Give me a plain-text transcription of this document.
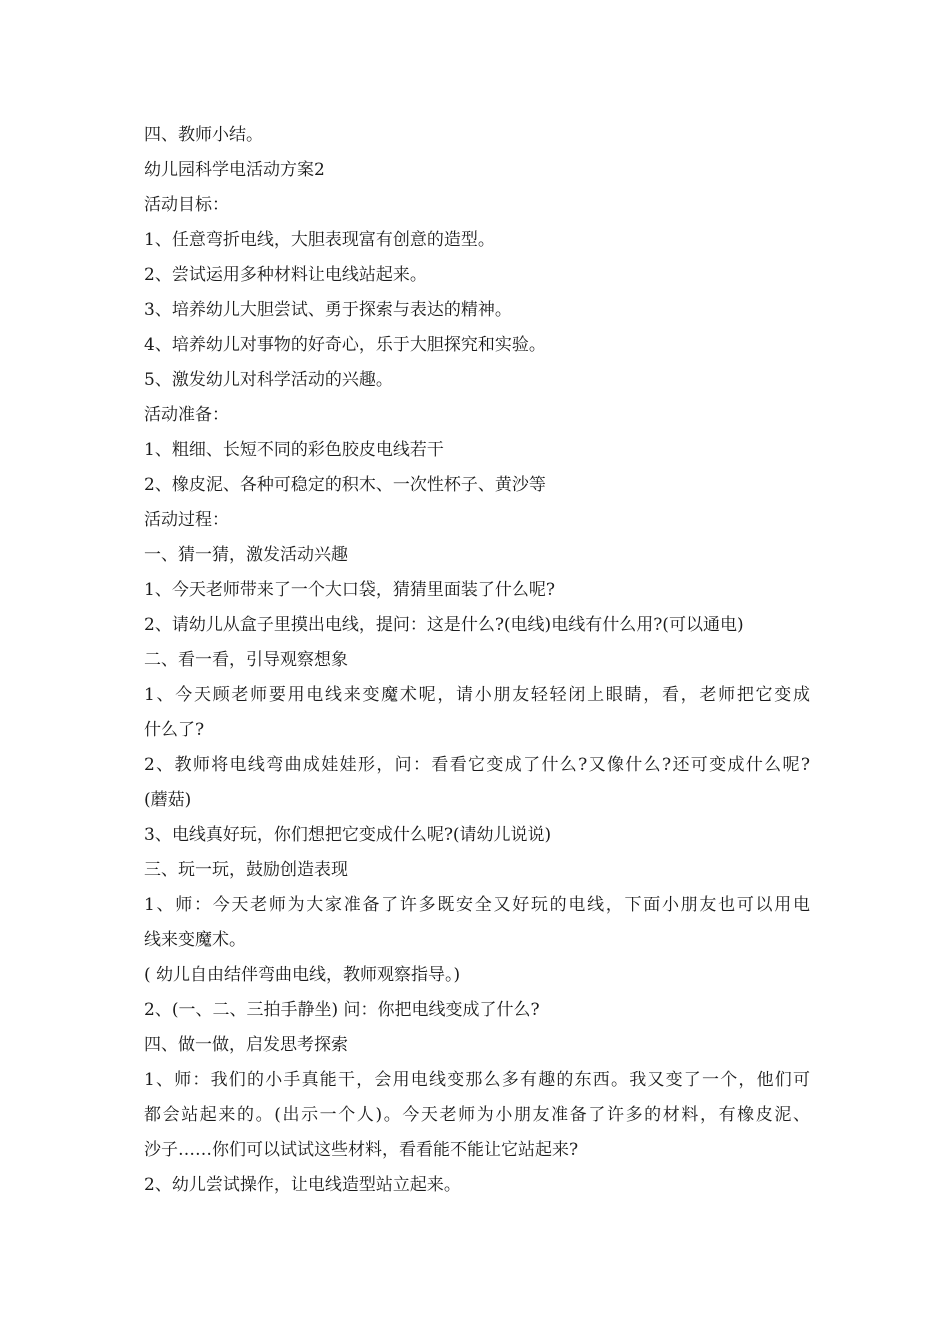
四、教师小结。
幼儿园科学电活动方案2
活动目标：
1、任意弯折电线，大胆表现富有创意的造型。
2、尝试运用多种材料让电线站起来。
3、培养幼儿大胆尝试、勇于探索与表达的精神。
4、培养幼儿对事物的好奇心，乐于大胆探究和实验。
5、激发幼儿对科学活动的兴趣。
活动准备：
1、粗细、长短不同的彩色胶皮电线若干
2、橡皮泥、各种可稳定的积木、一次性杯子、黄沙等
活动过程：
一、猜一猜，激发活动兴趣
1、今天老师带来了一个大口袋，猜猜里面装了什么呢?
2、请幼儿从盒子里摸出电线，提问：这是什么?(电线)电线有什么用?(可以通电)
二、看一看，引导观察想象
1、今天顾老师要用电线来变魔术呢，请小朋友轻轻闭上眼睛，看，老师把它变成
什么了?
2、教师将电线弯曲成娃娃形，问：看看它变成了什么?又像什么?还可变成什么呢?
(蘑菇)
3、电线真好玩，你们想把它变成什么呢?(请幼儿说说)
三、玩一玩，鼓励创造表现
1、师：今天老师为大家准备了许多既安全又好玩的电线，下面小朋友也可以用电
线来变魔术。
( 幼儿自由结伴弯曲电线，教师观察指导。)
2、(一、二、三拍手静坐) 问：你把电线变成了什么?
四、做一做，启发思考探索
1、师：我们的小手真能干，会用电线变那么多有趣的东西。我又变了一个，他们可
都会站起来的。(出示一个人)。今天老师为小朋友准备了许多的材料，有橡皮泥、
沙子……你们可以试试这些材料，看看能不能让它站起来?
2、幼儿尝试操作，让电线造型站立起来。
